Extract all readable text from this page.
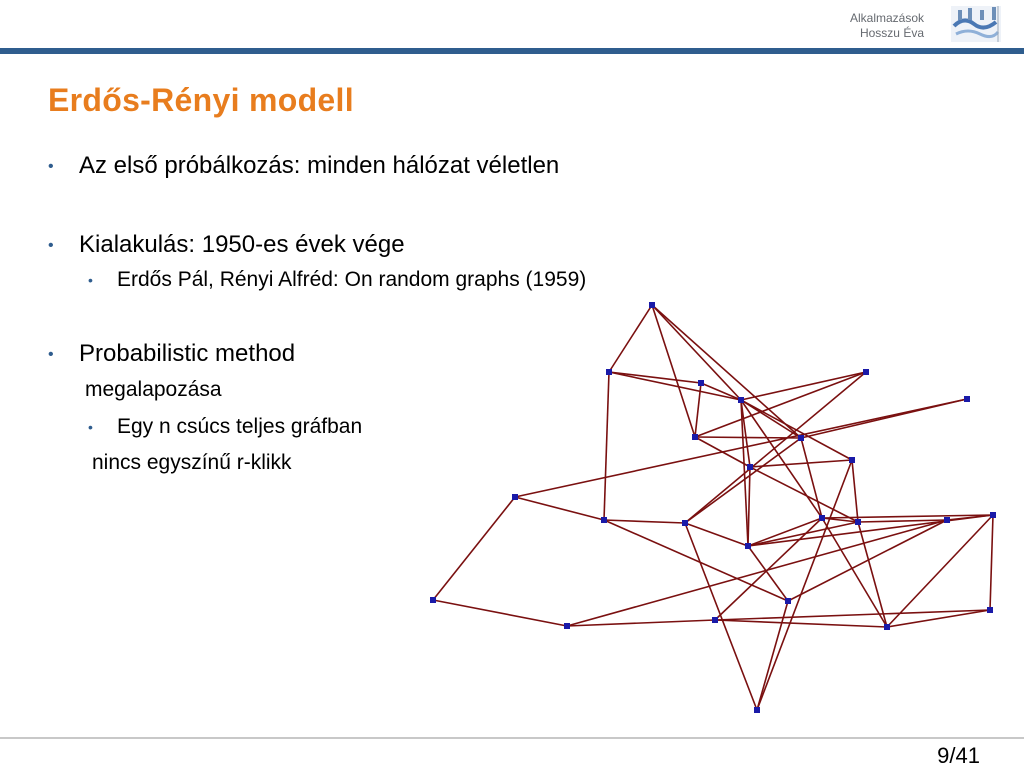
Alkalmazások
Hosszu Éva
Erdős-Rényi modell
• Az első próbálkozás: minden hálózat véletlen
• Kialakulás: 1950-es évek vége
• Erdős Pál, Rényi Alfréd: On random graphs (1959)
• Probabilistic method
megalapozása
• Egy n csúcs teljes gráfban
nincs egyszínű r-klikk
9/41
